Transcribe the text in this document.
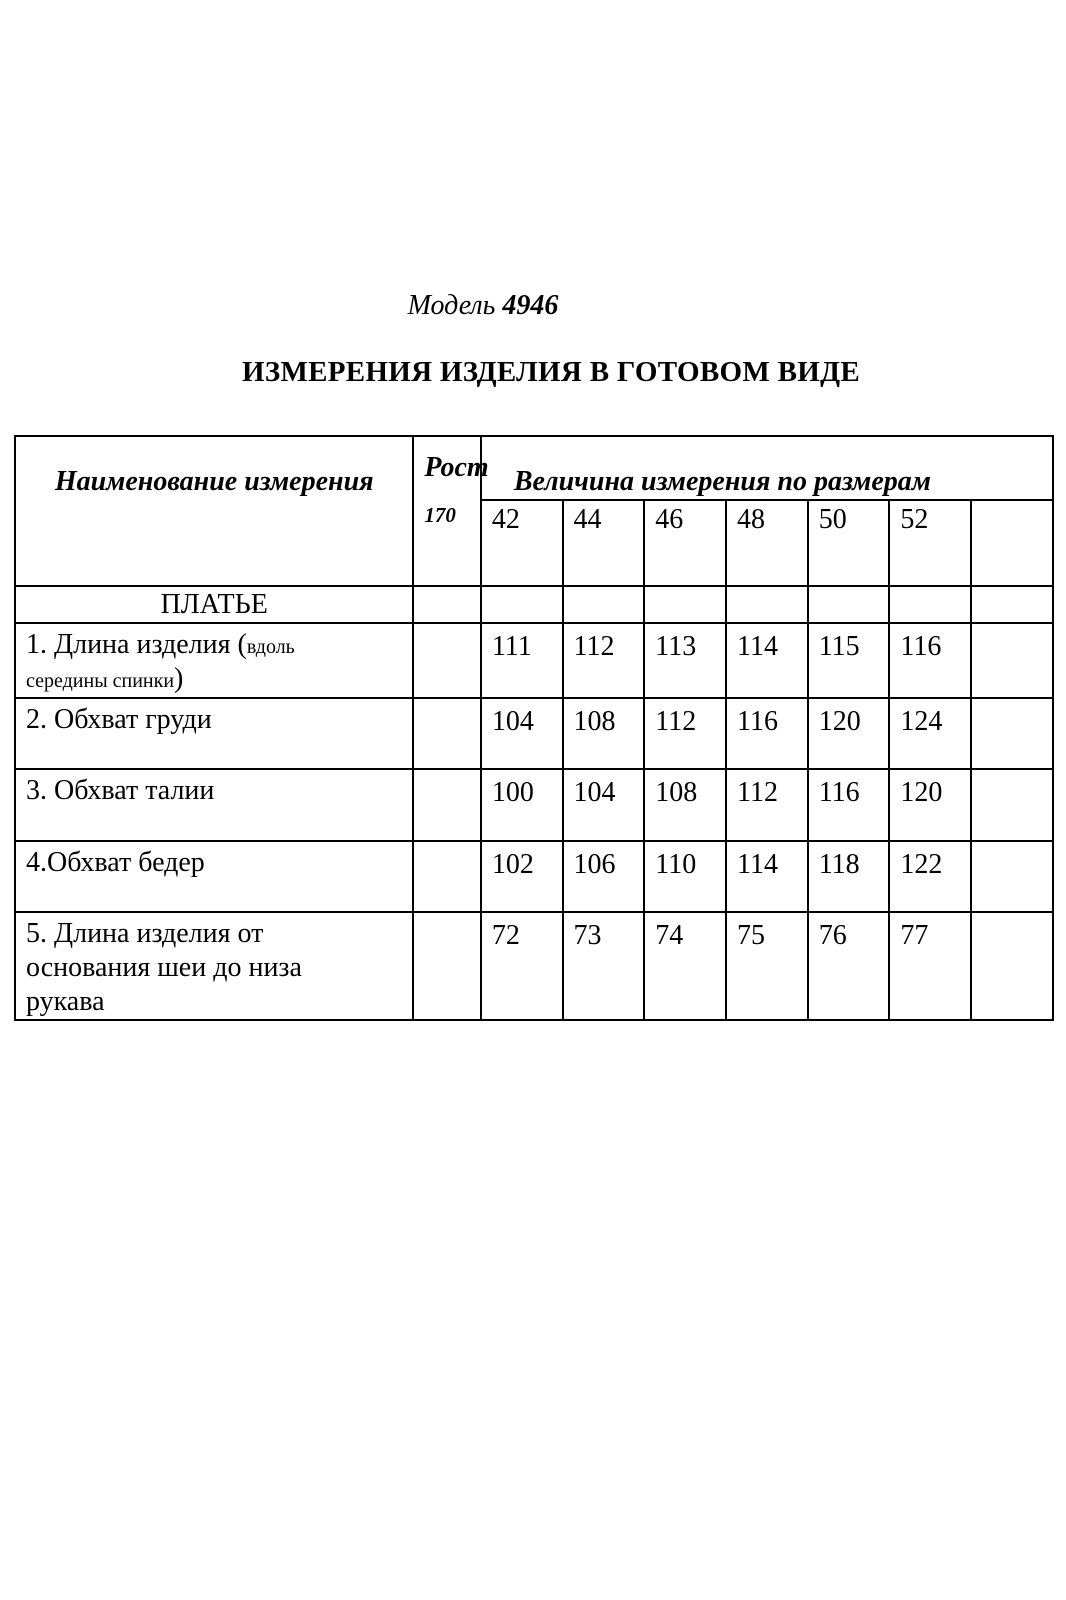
Модель 4946
ИЗМЕРЕНИЯ ИЗДЕЛИЯ В ГОТОВОМ ВИДЕ
Наименование измерения	Рост
170	Величина измерения по размерам						
		42	44	46	48	50	52	
ПЛАТЬЕ								
1. Длина изделия (вдоль
середины спинки)		111	112	113	114	115	116	
2. Обхват груди		104	108	112	116	120	124	
3. Обхват талии		100	104	108	112	116	120	
4.Обхват бедер		102	106	110	114	118	122	
5. Длина изделия от
основания шеи до низа
рукава		72	73	74	75	76	77	
